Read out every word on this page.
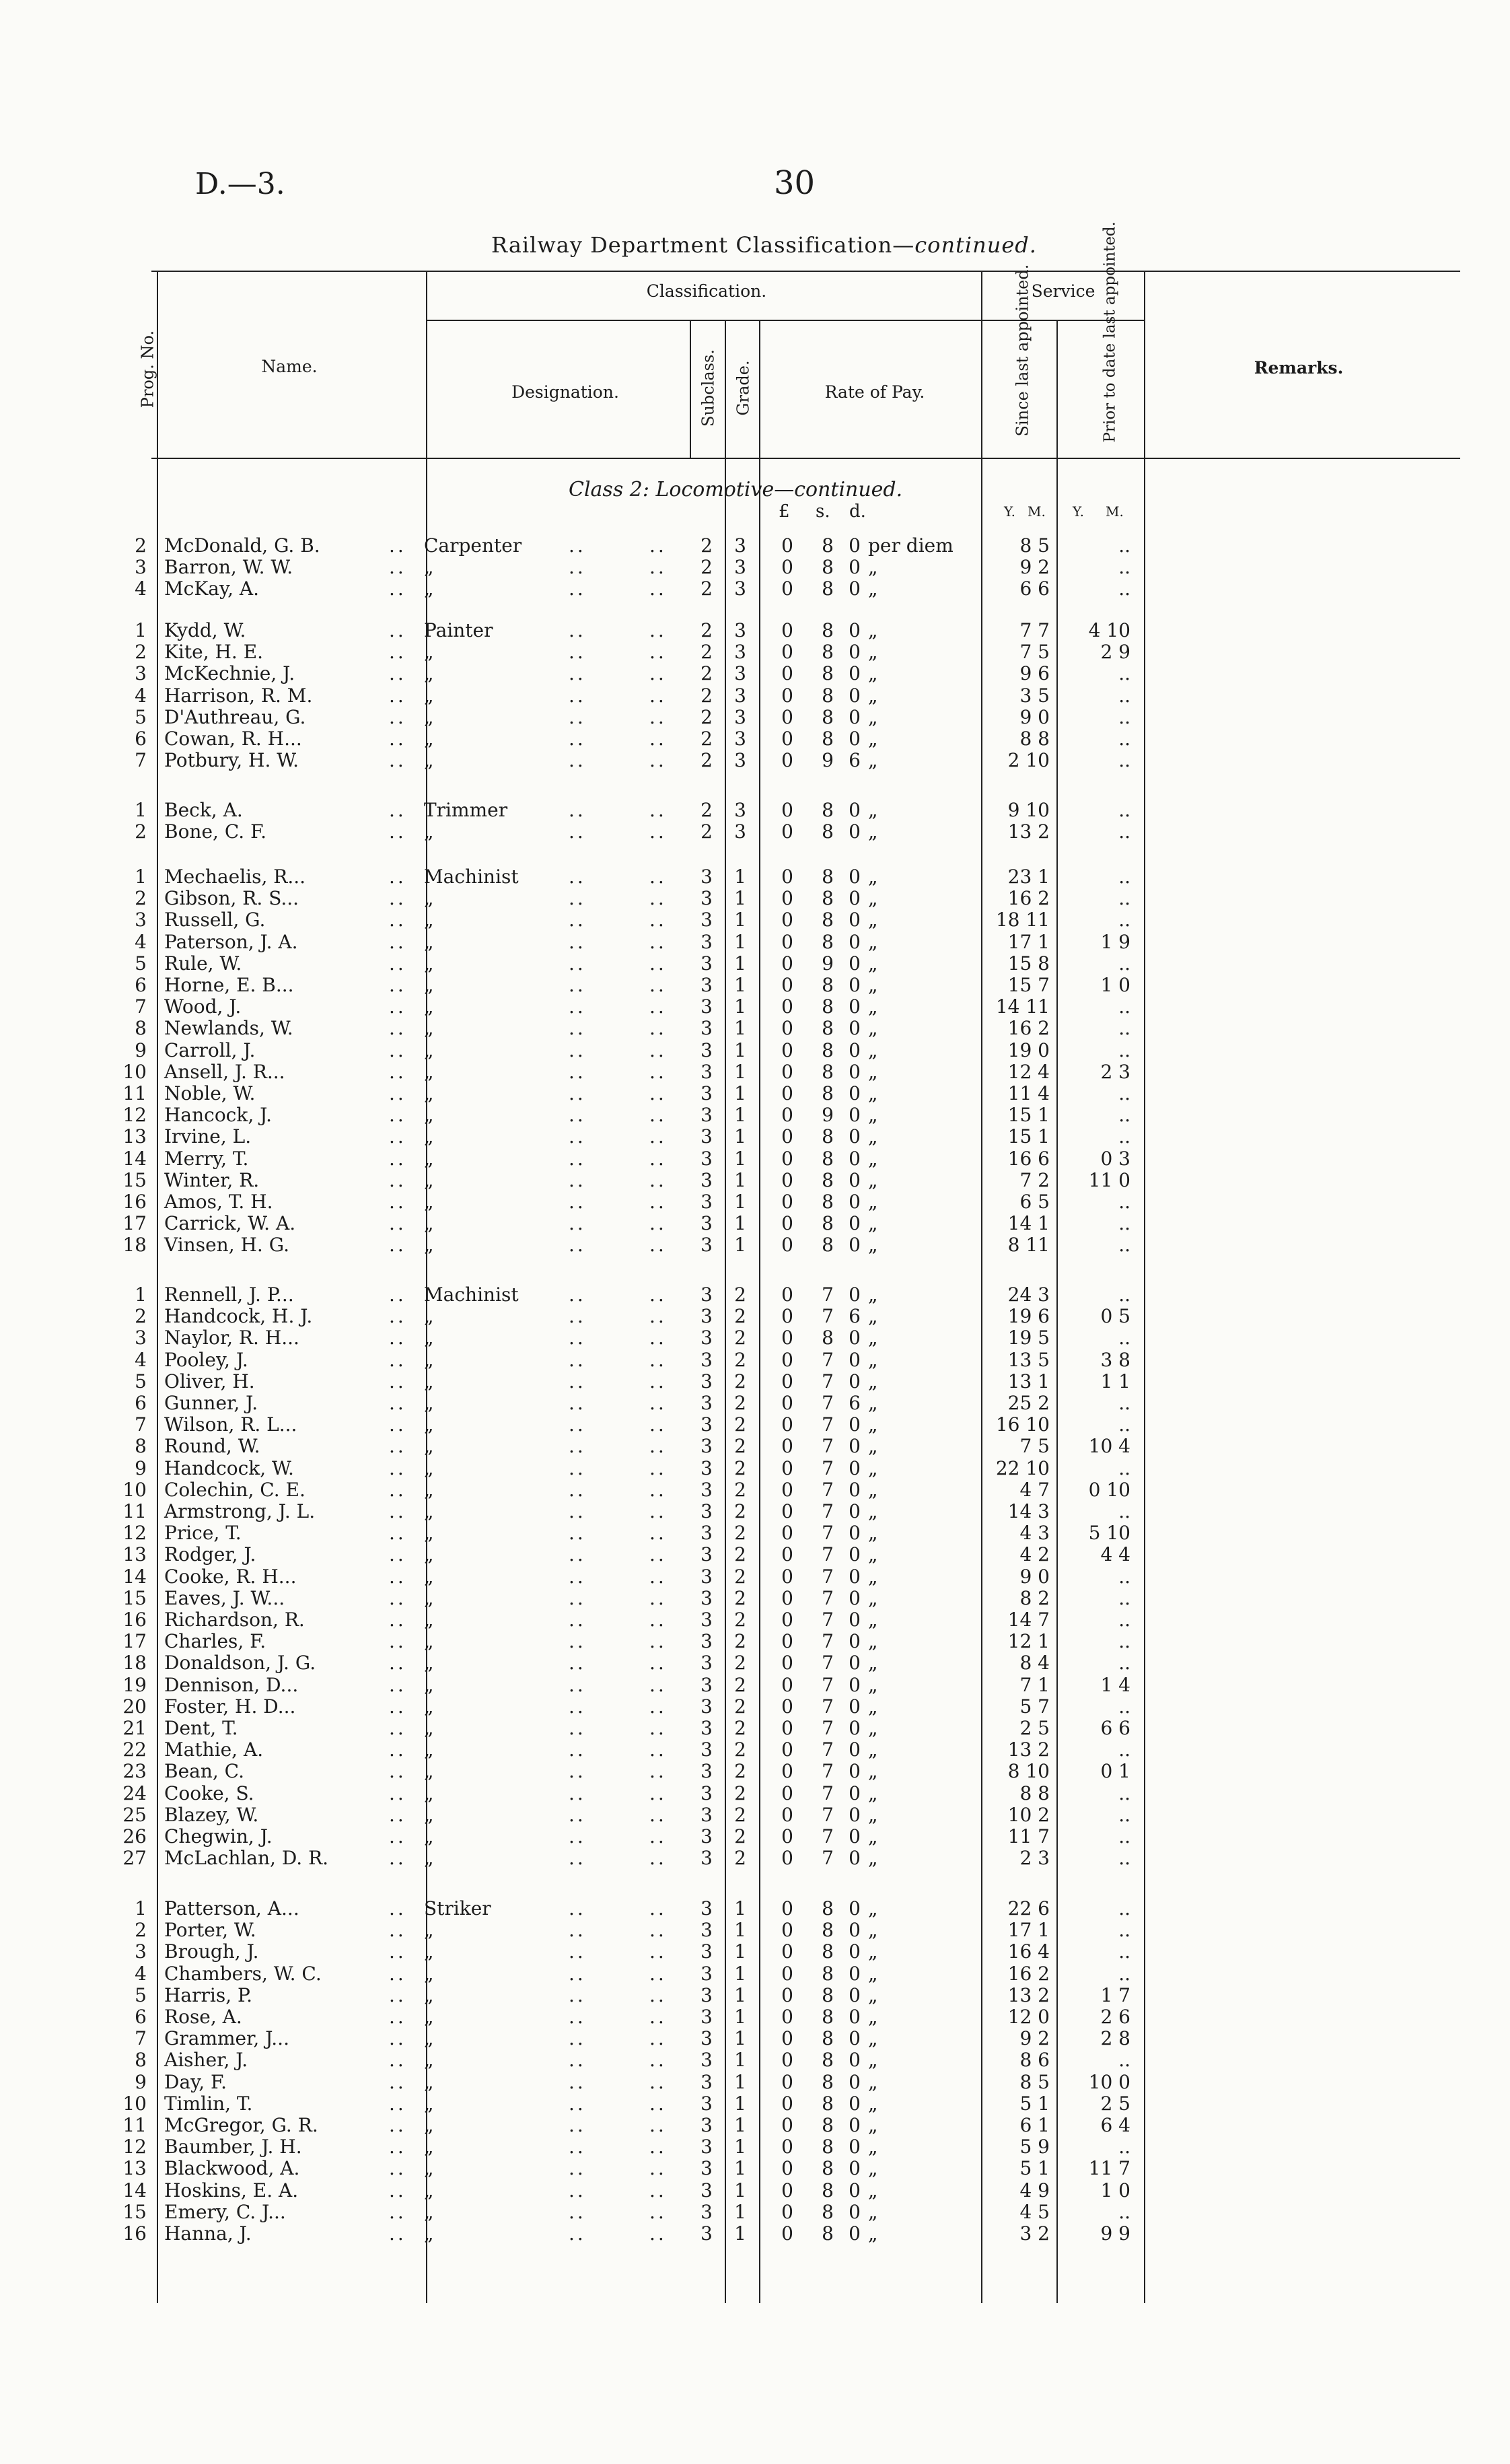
D.—3.	30
Railway Department Classification—continued.
Prog. No.	Name.
Classification.
Designation.	Subclass. Grade.	Rate of Pay.
Service
Since last appointed.	Prior to date last appointed.	Remarks.
Class 2: Locomotive—continued.
£ s. d.	Y. M. Y. M.
2 McDonald, G. B.	.. Carpenter ..	..	2	3	0	8 0 per diem	8 5	..
3 Barron, W. W.	.. „	..	..	2	3	0	8 0 „	9 2	..
4 McKay, A.	.. „	..	..	2	3	0	8 0 „	6 6	..
1 Kydd, W.	.. Painter	..	..	2	3	0	8 0 „	7 7	4 10
2 Kite, H. E.	.. „	..	..	2	3	0	8 0 „	7 5	2 9
3 McKechnie, J.	.. „	..	..	2	3	0	8 0 „	9 6	..
4 Harrison, R. M.	.. „	..	..	2	3	0	8 0 „	3 5	..
5 D'Authreau, G.	.. „	..	..	2	3	0	8 0 „	9 0	..
6 Cowan, R. H...	.. „	..	..	2	3	0	8 0 „	8 8	..
7 Potbury, H. W.	.. „	..	..	2	3	0	9 6 „	2 10	..
1 Beck, A.	.. Trimmer	..	..	2	3	0	8 0 „	9 10	..
2 Bone, C. F.	.. „	..	..	2	3	0	8 0 „	13 2	..
1 Mechaelis, R...	.. Machinist	..	..	3	1	0	8 0 „	23 1	..
2 Gibson, R. S...	.. „	..	..	3	1	0	8 0 „	16 2	..
3 Russell, G.	.. „	..	..	3	1	0	8 0 „	18 11	..
4 Paterson, J. A.	.. „	..	..	3	1	0	8 0 „	17 1	1 9
5 Rule, W.	.. „	..	..	3	1	0	9 0 „	15 8	..
6 Horne, E. B...	.. „	..	..	3	1	0	8 0 „	15 7	1 0
7 Wood, J.	.. „	..	..	3	1	0	8 0 „	14 11	..
8 Newlands, W.	.. „	..	..	3	1	0	8 0 „	16 2	..
9 Carroll, J.	.. „	..	..	3	1	0	8 0 „	19 0	..
10 Ansell, J. R...	.. „	..	..	3	1	0	8 0 „	12 4	2 3
11 Noble, W.	.. „	..	..	3	1	0	8 0 „	11 4	..
12 Hancock, J.	.. „	..	..	3	1	0	9 0 „	15 1	..
13 Irvine, L.	.. „	..	..	3	1	0	8 0 „	15 1	..
14 Merry, T.	.. „	..	..	3	1	0	8 0 „	16 6	0 3
15 Winter, R.	.. „	..	..	3	1	0	8 0 „	7 2	11 0
16 Amos, T. H.	.. „	..	..	3	1	0	8 0 „	6 5	..
17 Carrick, W. A.	.. „	..	..	3	1	0	8 0 „	14 1	..
18 Vinsen, H. G.	.. „	..	..	3	1	0	8 0 „	8 11	..
1 Rennell, J. P...	.. Machinist	..	..	3	2	0	7 0 „	24 3	..
2 Handcock, H. J.	.. „	..	..	3	2	0	7 6 „	19 6	0 5
3 Naylor, R. H...	.. „	..	..	3	2	0	8 0 „	19 5	..
4 Pooley, J.	.. „	..	..	3	2	0	7 0 „	13 5	3 8
5 Oliver, H.	.. „	..	..	3	2	0	7 0 „	13 1	1 1
6 Gunner, J.	.. „	..	..	3	2	0	7 6 „	25 2	..
7 Wilson, R. L...	.. „	..	..	3	2	0	7 0 „	16 10	..
8 Round, W.	.. „	..	..	3	2	0	7 0 „	7 5	10 4
9 Handcock, W.	.. „	..	..	3	2	0	7 0 „	22 10	..
10 Colechin, C. E.	.. „	..	..	3	2	0	7 0 „	4 7	0 10
11 Armstrong, J. L.	.. „	..	..	3	2	0	7 0 „	14 3	..
12 Price, T.	.. „	..	..	3	2	0	7 0 „	4 3	5 10
13 Rodger, J.	.. „	..	..	3	2	0	7 0 „	4 2	4 4
14 Cooke, R. H...	.. „	..	..	3	2	0	7 0 „	9 0	..
15 Eaves, J. W...	.. „	..	..	3	2	0	7 0 „	8 2	..
16 Richardson, R.	.. „	..	..	3	2	0	7 0 „	14 7	..
17 Charles, F.	.. „	..	..	3	2	0	7 0 „	12 1	..
18 Donaldson, J. G.	.. „	..	..	3	2	0	7 0 „	8 4	..
19 Dennison, D...	.. „	..	..	3	2	0	7 0 „	7 1	1 4
20 Foster, H. D...	.. „	..	..	3	2	0	7 0 „	5 7	..
21 Dent, T.	.. „	..	..	3	2	0	7 0 „	2 5	6 6
22 Mathie, A.	.. „	..	..	3	2	0	7 0 „	13 2	..
23 Bean, C.	.. „	..	..	3	2	0	7 0 „	8 10	0 1
24 Cooke, S.	.. „	..	..	3	2	0	7 0 „	8 8	..
25 Blazey, W.	.. „	..	..	3	2	0	7 0 „	10 2	..
26 Chegwin, J.	.. „	..	..	3	2	0	7 0 „	11 7	..
27 McLachlan, D. R.	.. „	..	..	3	2	0	7 0 „	2 3	..
1 Patterson, A...	.. Striker	..	..	3	1	0	8 0 „	22 6	..
2 Porter, W.	.. „	..	..	3	1	0	8 0 „	17 1	..
3 Brough, J.	.. „	..	..	3	1	0	8 0 „	16 4	..
4 Chambers, W. C.	.. „	..	..	3	1	0	8 0 „	16 2	..
5 Harris, P.	.. „	..	..	3	1	0	8 0 „	13 2	1 7
6 Rose, A.	.. „	..	..	3	1	0	8 0 „	12 0	2 6
7 Grammer, J...	.. „	..	..	3	1	0	8 0 „	9 2	2 8
8 Aisher, J.	.. „	..	..	3	1	0	8 0 „	8 6	..
9 Day, F.	.. „	..	..	3	1	0	8 0 „	8 5	10 0
10 Timlin, T.	.. „	..	..	3	1	0	8 0 „	5 1	2 5
11 McGregor, G. R.	.. „	..	..	3	1	0	8 0 „	6 1	6 4
12 Baumber, J. H.	.. „	..	..	3	1	0	8 0 „	5 9	..
13 Blackwood, A.	.. „	..	..	3	1	0	8 0 „	5 1	11 7
14 Hoskins, E. A.	.. „	..	..	3	1	0	8 0 „	4 9	1 0
15 Emery, C. J...	.. „	..	..	3	1	0	8 0 „	4 5	..
16 Hanna, J.	.. „	..	..	3	1	0	8 0 „	3 2	9 9
